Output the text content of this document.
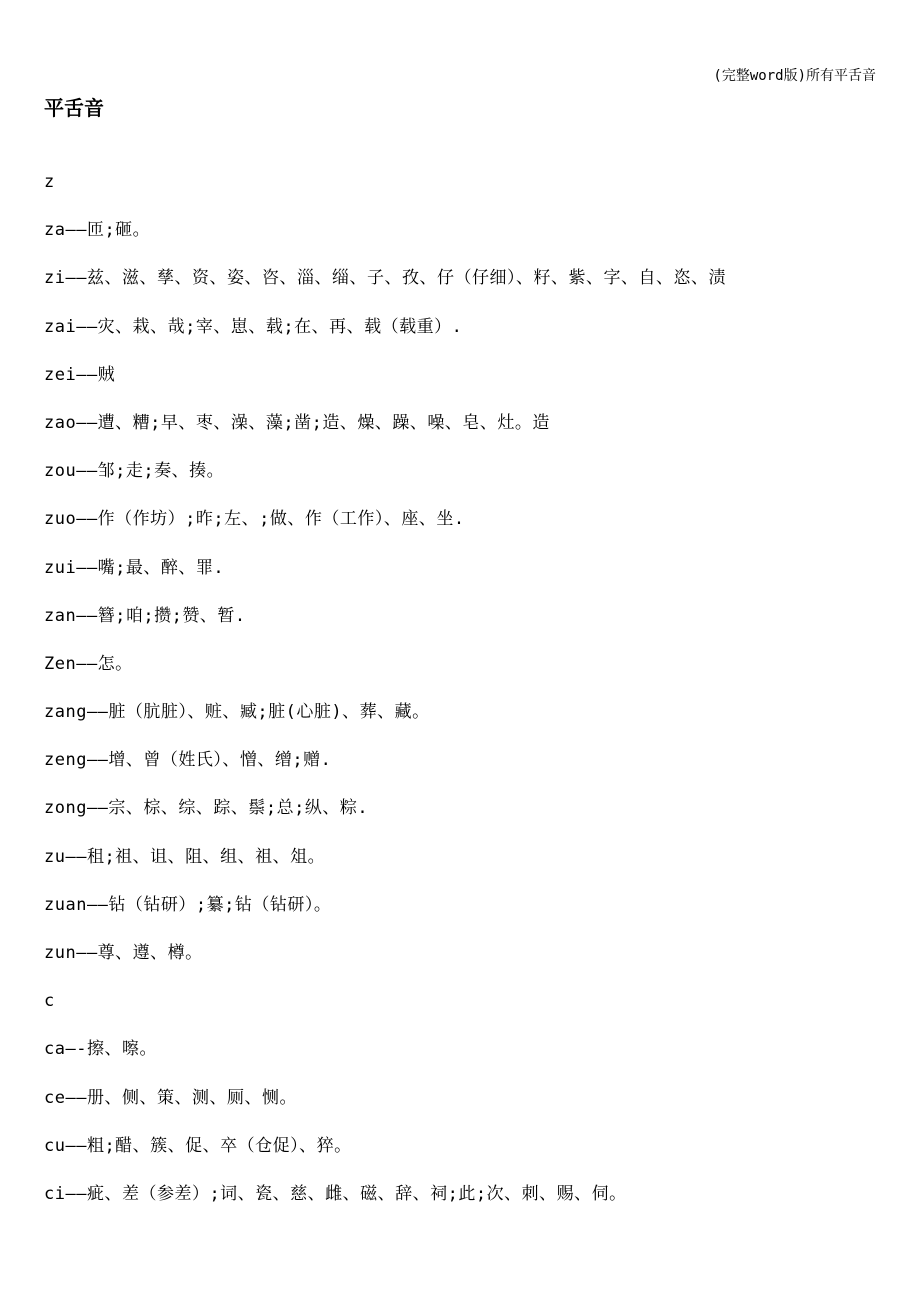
(完整word版)所有平舌音
平舌音
z
za——匝;砸。
zi——兹、滋、孳、资、姿、咨、淄、缁、子、孜、仔（仔细）、籽、紫、字、自、恣、渍
zai——灾、栽、哉;宰、崽、载;在、再、载（载重）.
zei—–贼
zao——遭、糟;早、枣、澡、藻;凿;造、燥、躁、噪、皂、灶。造
zou——邹;走;奏、揍。
zuo——作（作坊）;昨;左、;做、作（工作）、座、坐.
zui——嘴;最、醉、罪.
zan—–簪;咱;攒;赞、暂.
Zen—–怎。
zang—–脏（肮脏）、赃、臧;脏(心脏)、葬、藏。
zeng——增、曾（姓氏）、憎、缯;赠.
zong—–宗、棕、综、踪、鬃;总;纵、粽.
zu——租;祖、诅、阻、组、祖、俎。
zuan——钻（钻研）;纂;钻（钻研）。
zun——尊、遵、樽。
c
ca–-擦、嚓。
ce—–册、侧、策、测、厕、恻。
cu—–粗;醋、簇、促、卒（仓促）、猝。
ci——疵、差（参差）;词、瓷、慈、雌、磁、辞、祠;此;次、刺、赐、伺。
